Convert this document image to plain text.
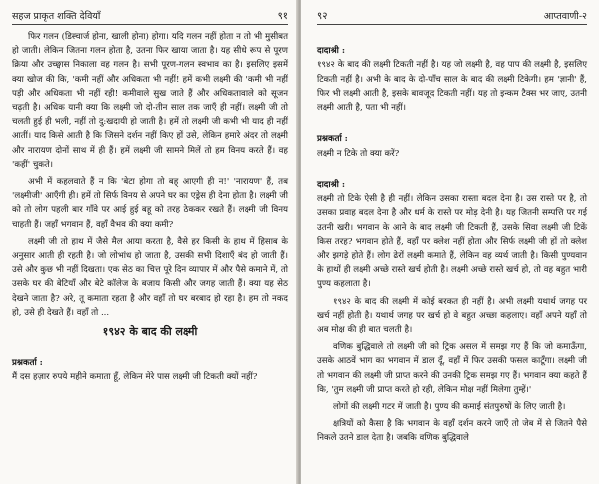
सहज प्राकृत शक्ति देवियाँ	९१

फिर गलन (डिस्चार्ज होना, खाली होना) होगा। यदि गलन नहीं होता न तो भी मुसीबत हो जाती। लेकिन जितना गलन होता है, उतना फिर खाया जाता है। यह सीधे रूप से पूरण क्रिया और उच्छ्वास निकाला वह गलन है। सभी पूरण-गलन स्वभाव का है। इसलिए इसमें क्या खोज की कि, 'कमी नहीं और अधिकता भी नहीं! हमें कभी लक्ष्मी की 'कमी भी नहीं पड़ी और अधिकता भी नहीं रही! कमीवाले सुख जाते हैं और अधिकतावाले को सूजन चढ़ती है। अधिक यानी क्या कि लक्ष्मी जो दो-तीन साल तक जाएँ ही नहीं। लक्ष्मी जी तो चलती हुई ही भली, नहीं तो दु:खदायी हो जाती है। हमें तो लक्ष्मी जी कभी भी याद ही नहीं आतीं। याद किसे आती है कि जिसने दर्शन नहीं किए हों उसे, लेकिन हमारे अंदर तो लक्ष्मी और नारायण दोनों साथ में ही हैं। हमें लक्ष्मी जी सामने मिलें तो हम विनय करते हैं। वह 'कहीं' चुकते।

अभी में कहलवाते हैं न कि 'बेटा होगा तो बह्‌ आएगी ही न!' 'नारायण' हैं, तब 'लक्ष्मीजी' आएँगी ही। हमें तो सिर्फ विनय से अपने घर का एड्रेस ही देना होता है। लक्ष्मी जी को तो लोग पहली बार गाँवे पर आई हुई बहू को तरह ठेककर रखते हैं। लक्ष्मी जी विनय चाहती हैं। जहाँ भगवान हैं, वहाँ वैभव की क्या कमी?

लक्ष्मी जी तो हाथ में जैसे मैल आया करता है, वैसे हर किसी के हाथ में हिसाब के अनुसार आती ही रहती है। जो लोभांध हो जाता है, उसकी सभी दिशाएँ बंद हो जाती हैं। उसे और कुछ भी नहीं दिखता। एक सेठ का चित्त पूरे दिन व्यापार में और पैसे कमाने में, तो उसके घर की बेटियाँ और बेटे कॉलेज के बजाय किसी और जगह जाती हैं। क्या यह सेठ देखने जाता है? अरे, तू कमाता रहता है और वहाँ तो घर बरबाद हो रहा है। हम तो नकद हो, उसे ही देखते हैं। वहाँ तो ...

१९४२ के बाद की लक्ष्मी

प्रश्नकर्ता :
मैं दस हज़ार रुपये महीने कमाता हूँ, लेकिन मेरे पास लक्ष्मी जी टिकती क्यों नहीं?

९२	आप्तवाणी-२

दादाश्री :
१९४२ के बाद की लक्ष्मी टिकती नहीं है। यह जो लक्ष्मी है, वह पाप की लक्ष्मी है, इसलिए टिकती नहीं है। अभी के बाद के दो-पाँच साल के बाद की लक्ष्मी टिकेगी। हम 'ज्ञानी' हैं, फिर भी लक्ष्मी आती है, इसके बावजूद टिकती नहीं। यह तो इन्कम टैक्स भर जाए, उतनी लक्ष्मी आती है, पता भी नहीं।

प्रश्नकर्ता :
लक्ष्मी न टिके तो क्या करें?

दादाश्री :
लक्ष्मी तो टिके ऐसी है ही नहीं। लेकिन उसका रास्ता बदल देना है। उस रास्ते पर है, तो उसका प्रवाह बदल देना है और धर्म के रास्ते पर मोड़ देनी है। यह जितनी सम्पत्ति पर गई उतनी खरी। भगवान के आने के बाद लक्ष्मी जी टिकती हैं, उसके सिवा लक्ष्मी जी टिकें किस तरह? भगवान होते हैं, वहाँ पर क्लेश नहीं होता और सिर्फ लक्ष्मी जी हों तो क्लेश और झगड़े होते हैं। लोग ढेरों लक्ष्मी कमाते हैं, लेकिन वह व्यर्थ जाती है। किसी पुण्यवान के हाथों ही लक्ष्मी अच्छे रास्ते खर्च होती है। लक्ष्मी अच्छे रास्ते खर्च हो, तो वह बहुत भारी पुण्य कहलाता है।

१९४२ के बाद की लक्ष्मी में कोई बरकत ही नहीं है। अभी लक्ष्मी यथार्थ जगह पर खर्च नहीं होती है। यथार्थ जगह पर खर्च हो वे बहुत अच्छा कहलाए। वहाँ अपने यहाँ तो अब मोक्ष की ही बात चलती है।

वणिक बुद्धिवाले तो लक्ष्मी जी को ट्रिक असल में समझ गए हैं कि जो कमाऊँगा, उसके आठवें भाग का भगवान में डाल दूँ, वहाँ में फिर उसकी फसल काटूँगा। लक्ष्मी जी तो भगवान की लक्ष्मी जी प्राप्त करने की उनकी ट्रिक समझ गए हैं। भगवान क्या कहते हैं कि, 'तुम लक्ष्मी जी प्राप्त करते हो रही, लेकिन मोक्ष नहीं मिलेगा तुम्हें।'

लोगों की लक्ष्मी गटर में जाती है। पुण्य की कमाई संतपुरुषों के लिए जाती है।

क्षत्रियों को कैसा है कि भगवान के वहाँ दर्शन करने जाएँ तो जेब में से जितने पैसे निकले उतने डाल देता है। जबकि वणिक बुद्धिवाले
